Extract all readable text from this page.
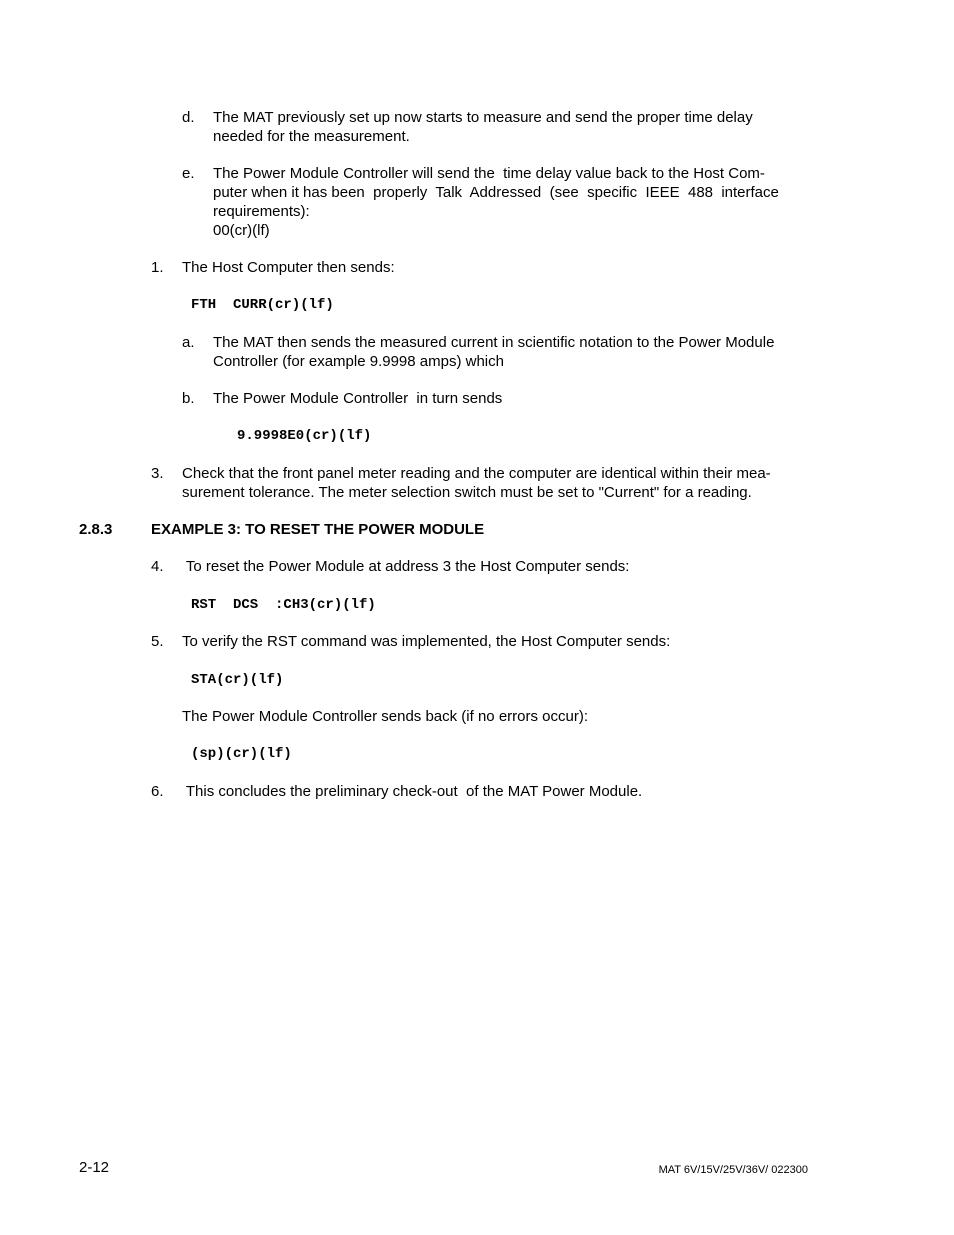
d. The MAT previously set up now starts to measure and send the proper time delay
needed for the measurement.
e. The Power Module Controller will send the  time delay value back to the Host Com-
puter when it has been  properly  Talk  Addressed  (see  specific  IEEE  488  interface
requirements):
00(cr)(lf)
1. The Host Computer then sends:
FTH  CURR(cr)(lf)
a. The MAT then sends the measured current in scientific notation to the Power Module
Controller (for example 9.9998 amps) which
b. The Power Module Controller  in turn sends
9.9998E0(cr)(lf)
3. Check that the front panel meter reading and the computer are identical within their mea-
surement tolerance. The meter selection switch must be set to "Current" for a reading.
2.8.3	EXAMPLE 3: TO RESET THE POWER MODULE
4. To reset the Power Module at address 3 the Host Computer sends:
RST  DCS  :CH3(cr)(lf)
5. To verify the RST command was implemented, the Host Computer sends:
STA(cr)(lf)
The Power Module Controller sends back (if no errors occur):
(sp)(cr)(lf)
6. This concludes the preliminary check-out  of the MAT Power Module.
2-12	MAT 6V/15V/25V/36V/ 022300
